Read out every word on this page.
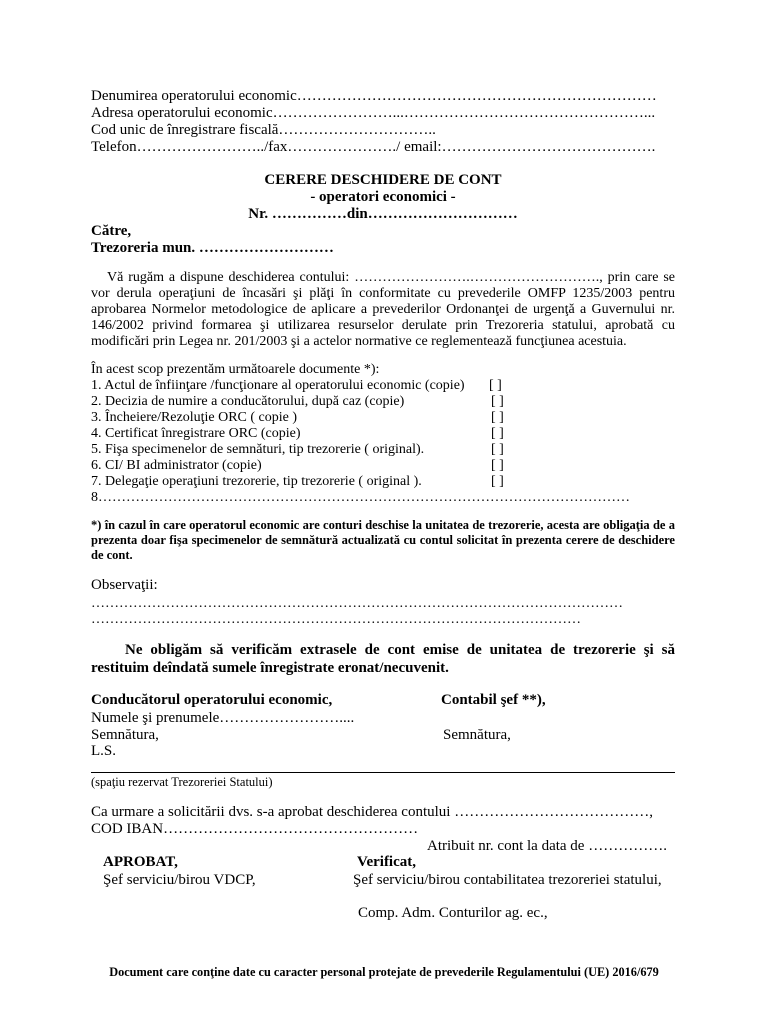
Denumirea operatorului economic………………………………………………………………
Adresa operatorului economic……………………...…………………………………………...
Cod unic de înregistrare fiscală…………………………..
Telefon……………………../fax…………………./ email:…………………………………….
CERERE DESCHIDERE DE CONT
- operatori economici -
Nr. ……………din…………………………
Către,
Trezoreria mun. ………………………
Vă rugăm a dispune deschiderea contului: …………………….………………………., prin care se vor derula operaţiuni de încasări şi plăţi în conformitate cu prevederile OMFP 1235/2003 pentru aprobarea Normelor metodologice de aplicare a prevederilor Ordonanţei de urgenţă a Guvernului nr. 146/2002 privind formarea şi utilizarea resurselor derulate prin Trezoreria statului, aprobată cu modificări prin Legea nr. 201/2003 şi a actelor normative ce reglementează funcţiunea acestuia.
În acest scop prezentăm următoarele documente *):
1. Actul de înfiinţare /funcţionare al operatorului economic (copie) [ ]
2. Decizia de numire a conducătorului, după caz (copie)	[ ]
3. Încheiere/Rezoluţie ORC ( copie )	[ ]
4. Certificat înregistrare ORC (copie)	[ ]
5. Fişa specimenelor de semnături, tip trezorerie ( original).	[ ]
6. CI/ BI administrator (copie)	[ ]
7. Delegaţie operaţiuni trezorerie, tip trezorerie ( original ).	[ ]
8……………………………………………………………………………………………………
*) în cazul în care operatorul economic are conturi deschise la unitatea de trezorerie, acesta are obligaţia de a prezenta doar fişa specimenelor de semnătură actualizată cu contul solicitat în prezenta cerere de deschidere de cont.
Observaţii:
……………………………………………………………………………………………………
……………………………………………………………………………………………
Ne obligăm să verificăm extrasele de cont emise de unitatea de trezorerie şi să restituim deîndată sumele înregistrate eronat/necuvenit.
Conducătorul operatorului economic,	Contabil şef **),
Numele şi prenumele……………………....
Semnătura,	Semnătura,
L.S.
(spaţiu rezervat Trezoreriei Statului)
Ca urmare a solicitării dvs. s-a aprobat deschiderea contului …………………………………,
COD IBAN……………………………………………
Atribuit nr. cont la data de …………….
APROBAT,	Verificat,
Şef serviciu/birou VDCP,	Şef serviciu/birou contabilitatea trezoreriei statului,
Comp. Adm. Conturilor ag. ec.,
Document care conţine date cu caracter personal protejate de prevederile Regulamentului (UE) 2016/679
